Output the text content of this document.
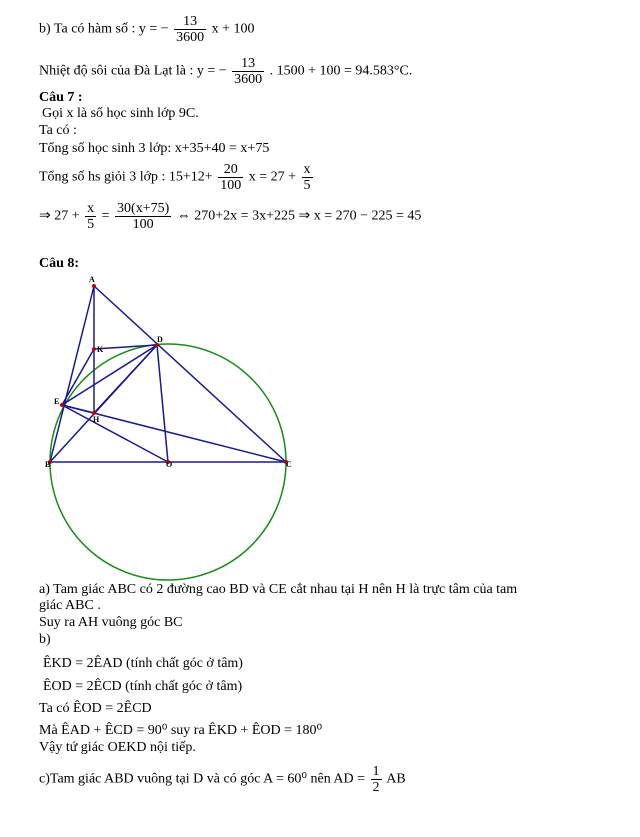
b) Ta có hàm số : y = − $\frac{13}{3600}$ x + 100
Nhiệt độ sôi của Đà Lạt là : y = − $\frac{13}{3600}$ . 1500 + 100 = 94.583°C.
Câu 7 :
Gọi x là số học sinh lớp 9C.
Ta có :
Tổng số học sinh 3 lớp: x+35+40 = x+75
Tổng số hs giỏi 3 lớp : $15+12+ \frac{20}{100}$ $x = 27 + \frac{x}{5}$
⇒ $27 + \frac{x}{5} = \frac{30(x+75)}{100}$ ⇔ 270+2x = 3x+225 ⇒ x = 270 − 225 = 45
Câu 8:
A
D
K
E
H
B	O	C
a) Tam giác ABC có 2 đường cao BD và CE cắt nhau tại H nên H là trực tâm của tam
giác ABC .
Suy ra AH vuông góc BC
b)
ÊKD = 2ÊAD (tính chất góc ở tâm)
ÊOD = 2ÊCD (tính chất góc ở tâm)
Ta có ÊOD = 2ÊCD
Mà ÊAD + ÊCD = 90⁰ suy ra ÊKD + ÊOD = 180⁰
Vậy tứ giác OEKD nội tiếp.
c)Tam giác ABD vuông tại D và có góc A = 60⁰ nên AD = $\frac{1}{2}$ AB
